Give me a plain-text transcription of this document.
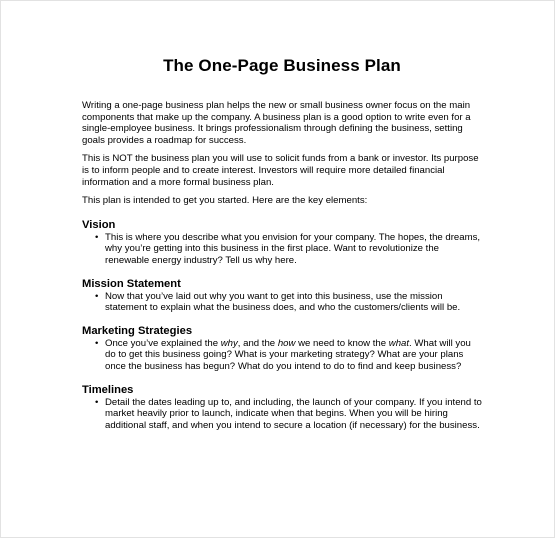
The One-Page Business Plan

Writing a one-page business plan helps the new or small business owner focus on the main components that make up the company. A business plan is a good option to write even for a single-employee business. It brings professionalism through defining the business, setting goals provides a roadmap for success.

This is NOT the business plan you will use to solicit funds from a bank or investor. Its purpose is to inform people and to create interest. Investors will require more detailed financial information and a more formal business plan.

This plan is intended to get you started. Here are the key elements:

Vision
• This is where you describe what you envision for your company. The hopes, the dreams, why you’re getting into this business in the first place. Want to revolutionize the renewable energy industry? Tell us why here.
Mission Statement
• Now that you’ve laid out why you want to get into this business, use the mission statement to explain what the business does, and who the customers/clients will be.
Marketing Strategies
• Once you’ve explained the why, and the how we need to know the what. What will you do to get this business going? What is your marketing strategy? What are your plans once the business has begun? What do you intend to do to find and keep business?
Timelines
• Detail the dates leading up to, and including, the launch of your company. If you intend to market heavily prior to launch, indicate when that begins. When you will be hiring additional staff, and when you intend to secure a location (if necessary) for the business.
